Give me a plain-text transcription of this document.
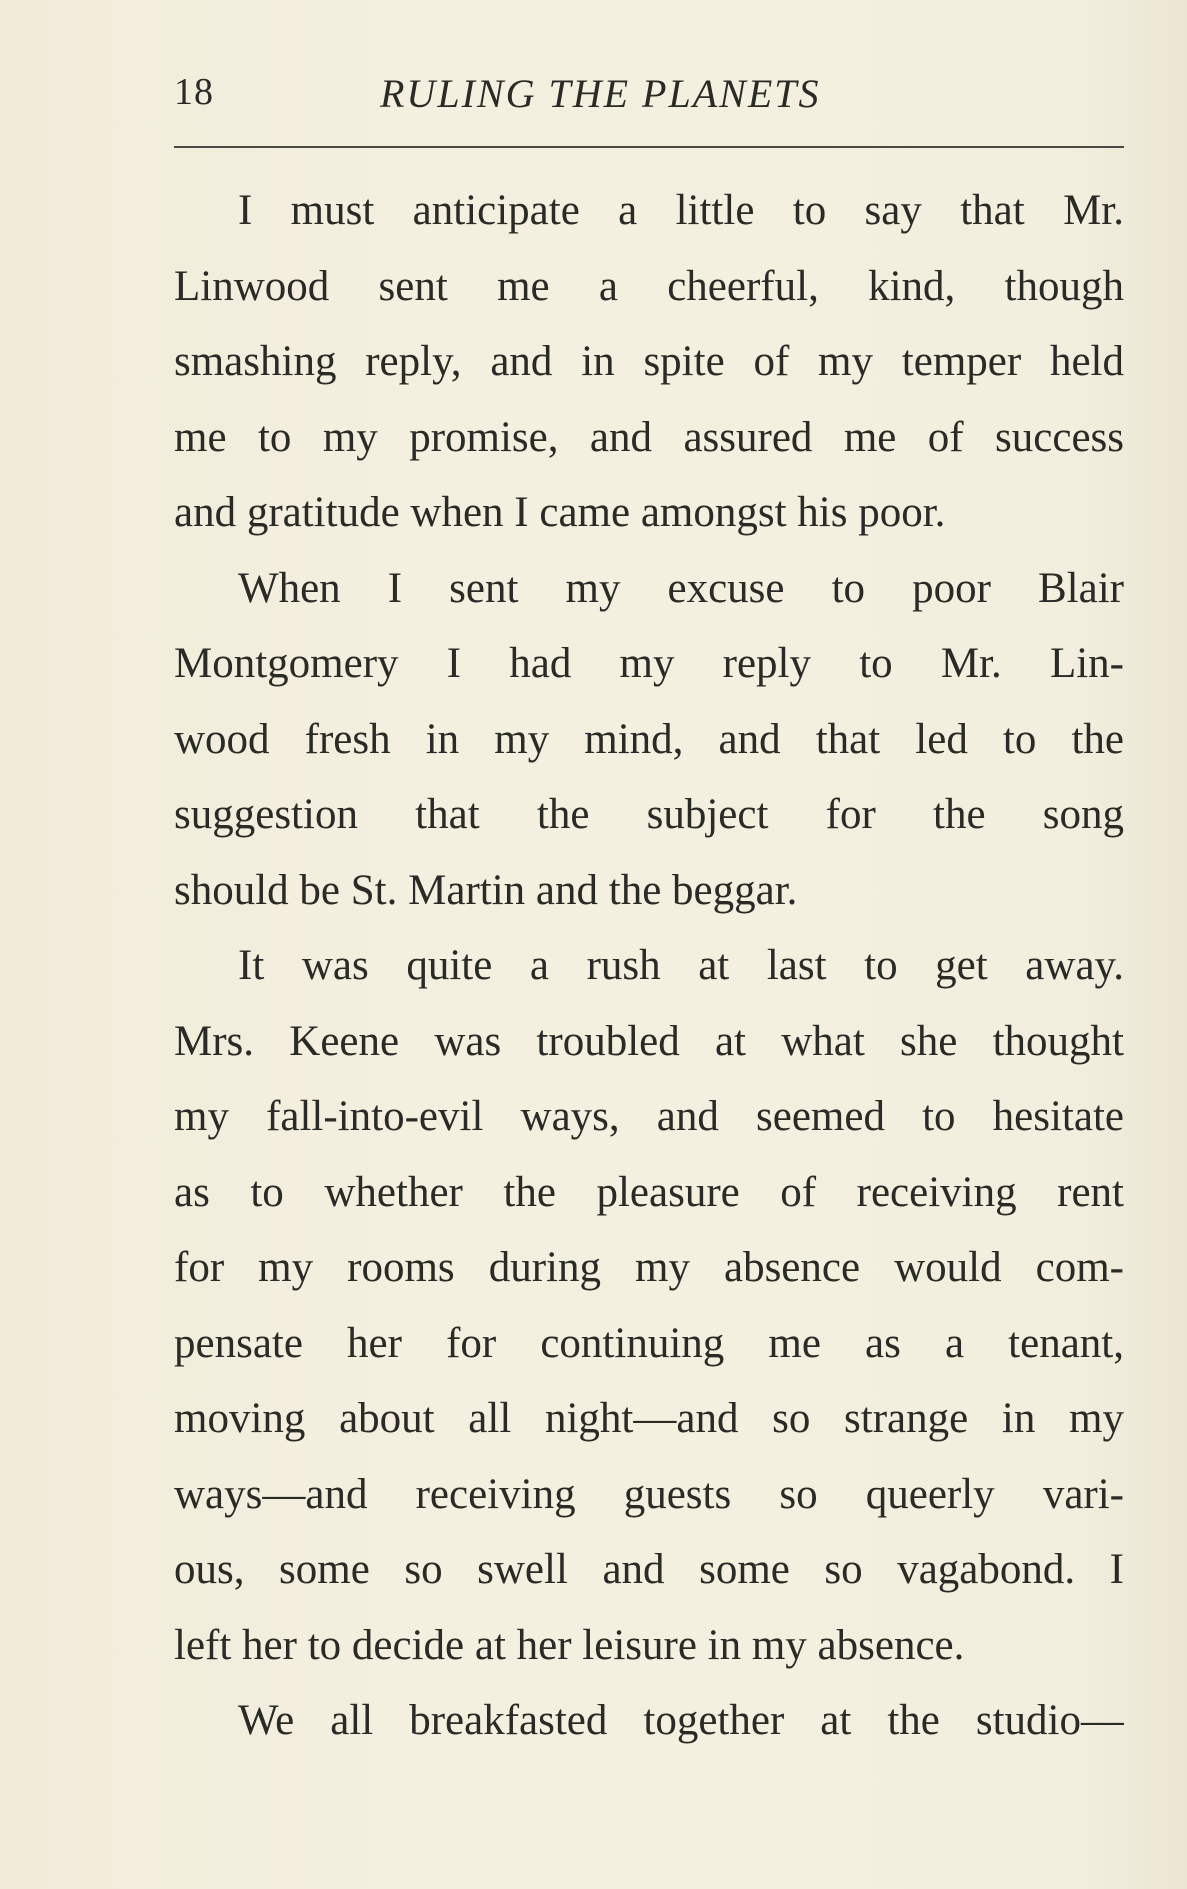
18	RULING THE PLANETS
I must anticipate a little to say that Mr.
Linwood sent me a cheerful, kind, though
smashing reply, and in spite of my temper held
me to my promise, and assured me of success
and gratitude when I came amongst his poor.
When I sent my excuse to poor Blair
Montgomery I had my reply to Mr. Lin-
wood fresh in my mind, and that led to the
suggestion that the subject for the song
should be St. Martin and the beggar.
It was quite a rush at last to get away.
Mrs. Keene was troubled at what she thought
my fall-into-evil ways, and seemed to hesitate
as to whether the pleasure of receiving rent
for my rooms during my absence would com-
pensate her for continuing me as a tenant,
moving about all night—and so strange in my
ways—and receiving guests so queerly vari-
ous, some so swell and some so vagabond. I
left her to decide at her leisure in my absence.
We all breakfasted together at the studio—
